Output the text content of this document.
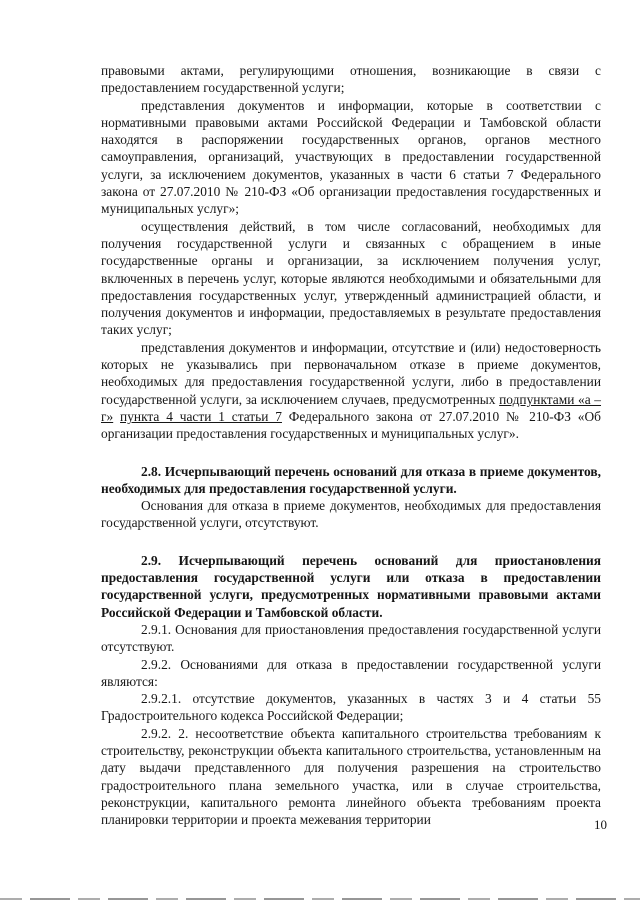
правовыми актами, регулирующими отношения, возникающие в связи с предоставлением государственной услуги;

представления документов и информации, которые в соответствии с нормативными правовыми актами Российской Федерации и Тамбовской области находятся в распоряжении государственных органов, органов местного самоуправления, организаций, участвующих в предоставлении государственной услуги, за исключением документов, указанных в части 6 статьи 7 Федерального закона от 27.07.2010 № 210-ФЗ «Об организации предоставления государственных и муниципальных услуг»;

осуществления действий, в том числе согласований, необходимых для получения государственной услуги и связанных с обращением в иные государственные органы и организации, за исключением получения услуг, включенных в перечень услуг, которые являются необходимыми и обязательными для предоставления государственных услуг, утвержденный администрацией области, и получения документов и информации, предоставляемых в результате предоставления таких услуг;

представления документов и информации, отсутствие и (или) недостоверность которых не указывались при первоначальном отказе в приеме документов, необходимых для предоставления государственной услуги, либо в предоставлении государственной услуги, за исключением случаев, предусмотренных подпунктами «а – г» пункта 4 части 1 статьи 7 Федерального закона от 27.07.2010 № 210-ФЗ «Об организации предоставления государственных и муниципальных услуг».

2.8. Исчерпывающий перечень оснований для отказа в приеме документов, необходимых для предоставления государственной услуги.

Основания для отказа в приеме документов, необходимых для предоставления государственной услуги, отсутствуют.

2.9. Исчерпывающий перечень оснований для приостановления предоставления государственной услуги или отказа в предоставлении государственной услуги, предусмотренных нормативными правовыми актами Российской Федерации и Тамбовской области.

2.9.1. Основания для приостановления предоставления государственной услуги отсутствуют.

2.9.2. Основаниями для отказа в предоставлении государственной услуги являются:

2.9.2.1. отсутствие документов, указанных в частях 3 и 4 статьи 55 Градостроительного кодекса Российской Федерации;

2.9.2. 2. несоответствие объекта капитального строительства требованиям к строительству, реконструкции объекта капитального строительства, установленным на дату выдачи представленного для получения разрешения на строительство градостроительного плана земельного участка, или в случае строительства, реконструкции, капитального ремонта линейного объекта требованиям проекта планировки территории и проекта межевания территории	10
